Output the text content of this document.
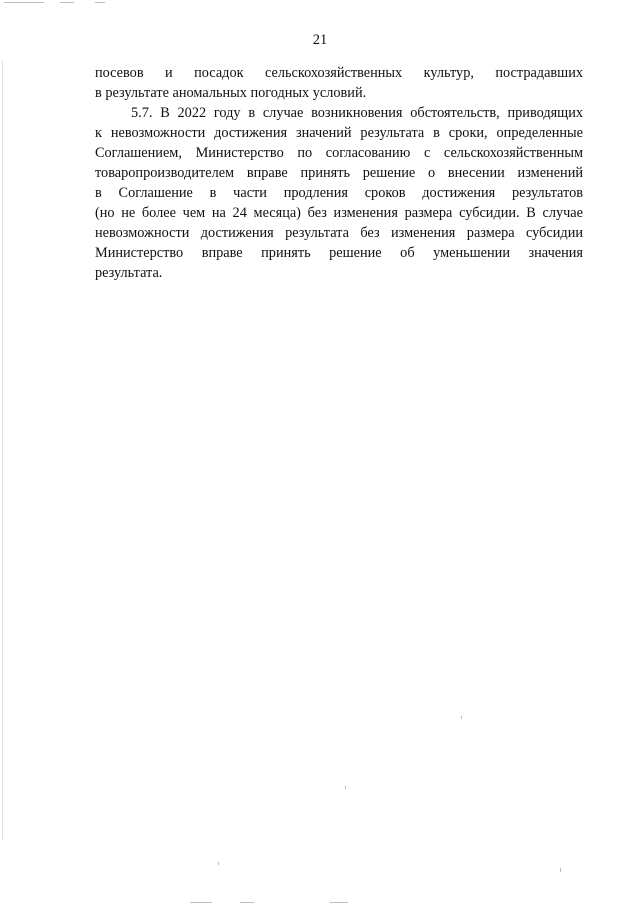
21

посевов и посадок сельскохозяйственных культур, пострадавших
в результате аномальных погодных условий.

5.7. В 2022 году в случае возникновения обстоятельств, приводящих
к невозможности достижения значений результата в сроки, определенные
Соглашением, Министерство по согласованию с сельскохозяйственным
товаропроизводителем вправе принять решение о внесении изменений
в Соглашение в части продления сроков достижения результатов
(но не более чем на 24 месяца) без изменения размера субсидии. В случае
невозможности достижения результата без изменения размера субсидии
Министерство вправе принять решение об уменьшении значения
результата.
